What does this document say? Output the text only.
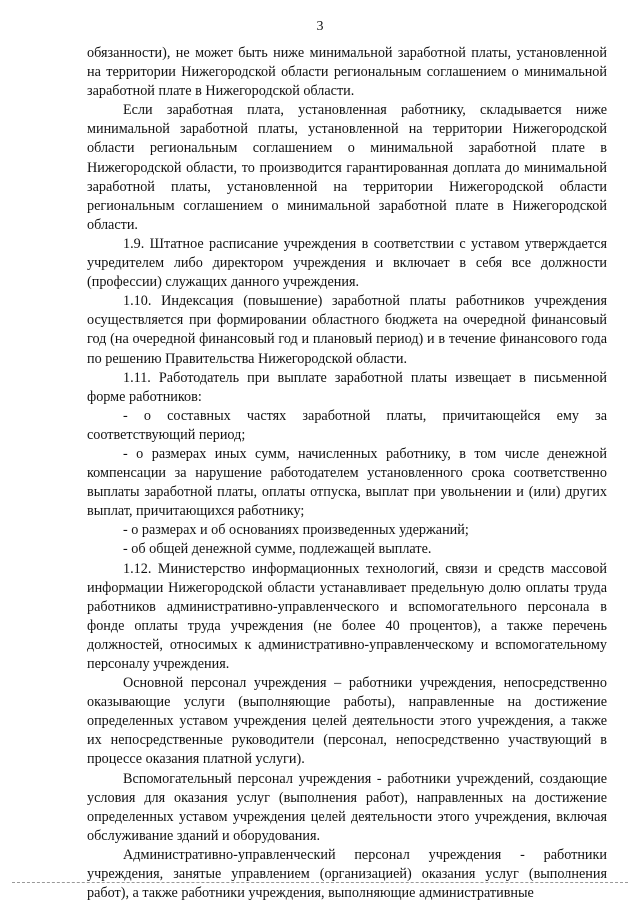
3

обязанности), не может быть ниже минимальной заработной платы, установленной на территории Нижегородской области региональным соглашением о минимальной заработной плате в Нижегородской области.

Если заработная плата, установленная работнику, складывается ниже минимальной заработной платы, установленной на территории Нижегородской области региональным соглашением о минимальной заработной плате в Нижегородской области, то производится гарантированная доплата до минимальной заработной платы, установленной на территории Нижегородской области региональным соглашением о минимальной заработной плате в Нижегородской области.

1.9. Штатное расписание учреждения в соответствии с уставом утверждается учредителем либо директором учреждения и включает в себя все должности (профессии) служащих данного учреждения.

1.10. Индексация (повышение) заработной платы работников учреждения осуществляется при формировании областного бюджета на очередной финансовый год (на очередной финансовый год и плановый период) и в течение финансового года по решению Правительства Нижегородской области.

1.11. Работодатель при выплате заработной платы извещает в письменной форме работников:

- о составных частях заработной платы, причитающейся ему за соответствующий период;

- о размерах иных сумм, начисленных работнику, в том числе денежной компенсации за нарушение работодателем установленного срока соответственно выплаты заработной платы, оплаты отпуска, выплат при увольнении и (или) других выплат, причитающихся работнику;

- о размерах и об основаниях произведенных удержаний;

- об общей денежной сумме, подлежащей выплате.

1.12. Министерство информационных технологий, связи и средств массовой информации Нижегородской области устанавливает предельную долю оплаты труда работников административно-управленческого и вспомогательного персонала в фонде оплаты труда учреждения (не более 40 процентов), а также перечень должностей, относимых к административно-управленческому и вспомогательному персоналу учреждения.

Основной персонал учреждения – работники учреждения, непосредственно оказывающие услуги (выполняющие работы), направленные на достижение определенных уставом учреждения целей деятельности этого учреждения, а также их непосредственные руководители (персонал, непосредственно участвующий в процессе оказания платной услуги).

Вспомогательный персонал учреждения - работники учреждений, создающие условия для оказания услуг (выполнения работ), направленных на достижение определенных уставом учреждения целей деятельности этого учреждения, включая обслуживание зданий и оборудования.

Административно-управленческий персонал учреждения - работники учреждения, занятые управлением (организацией) оказания услуг (выполнения работ), а также работники учреждения, выполняющие административные
